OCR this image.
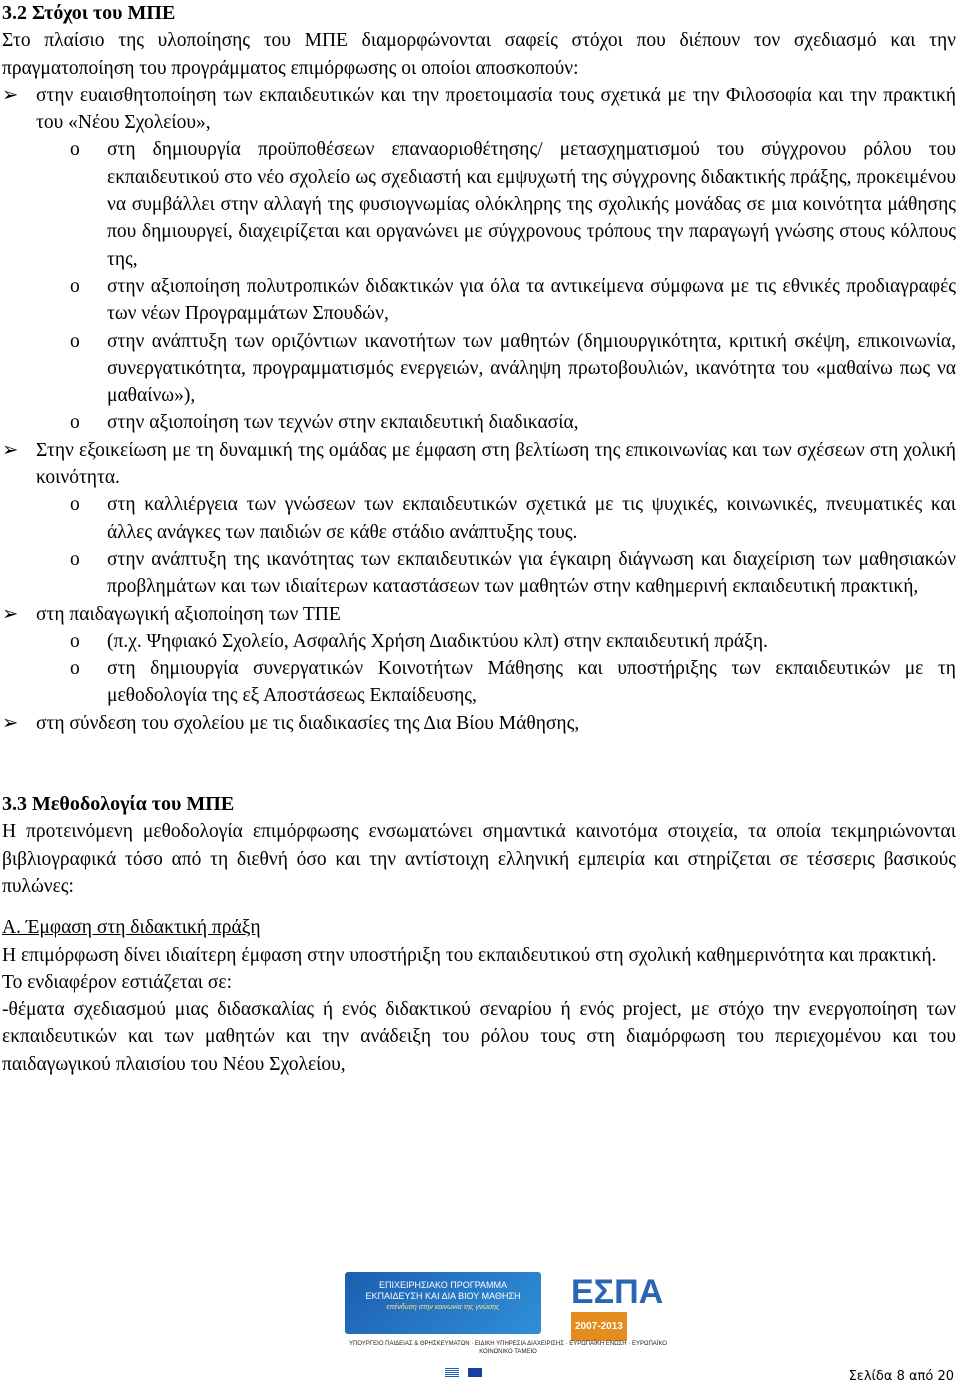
3.2 Στόχοι του ΜΠΕ
Στο πλαίσιο της υλοποίησης του ΜΠΕ διαμορφώνονται σαφείς στόχοι που διέπουν τον σχεδιασμό και την πραγματοποίηση του προγράμματος επιμόρφωσης οι οποίοι αποσκοπούν:
➢ στην ευαισθητοποίηση των εκπαιδευτικών και την προετοιμασία τους σχετικά με την Φιλοσοφία και την πρακτική του «Νέου Σχολείου»,
o στη δημιουργία προϋποθέσεων επαναοριοθέτησης/ μετασχηματισμού του σύγχρονου ρόλου του εκπαιδευτικού στο νέο σχολείο ως σχεδιαστή και εμψυχωτή της σύγχρονης διδακτικής πράξης, προκειμένου να συμβάλλει στην αλλαγή της φυσιογνωμίας ολόκληρης της σχολικής μονάδας σε μια κοινότητα μάθησης που δημιουργεί, διαχειρίζεται και οργανώνει με σύγχρονους τρόπους την παραγωγή γνώσης στους κόλπους της,
o στην αξιοποίηση πολυτροπικών διδακτικών για όλα τα αντικείμενα σύμφωνα με τις εθνικές προδιαγραφές των νέων Προγραμμάτων Σπουδών,
o στην ανάπτυξη των οριζόντιων ικανοτήτων των μαθητών (δημιουργικότητα, κριτική σκέψη, επικοινωνία, συνεργατικότητα, προγραμματισμός ενεργειών, ανάληψη πρωτοβουλιών, ικανότητα του «μαθαίνω πως να μαθαίνω»),
o στην αξιοποίηση των τεχνών στην εκπαιδευτική διαδικασία,
➢ Στην εξοικείωση με τη δυναμική της ομάδας με έμφαση στη βελτίωση της επικοινωνίας και των σχέσεων στη χολική κοινότητα.
o στη καλλιέργεια των γνώσεων των εκπαιδευτικών σχετικά με τις ψυχικές, κοινωνικές, πνευματικές και άλλες ανάγκες των παιδιών σε κάθε στάδιο ανάπτυξης τους.
o στην ανάπτυξη της ικανότητας των εκπαιδευτικών για έγκαιρη διάγνωση και διαχείριση των μαθησιακών προβλημάτων και των ιδιαίτερων καταστάσεων των μαθητών στην καθημερινή εκπαιδευτική πρακτική,
➢ στη παιδαγωγική αξιοποίηση των ΤΠΕ
o (π.χ. Ψηφιακό Σχολείο, Ασφαλής Χρήση Διαδικτύου κλπ) στην εκπαιδευτική πράξη.
o στη δημιουργία συνεργατικών Κοινοτήτων Μάθησης και υποστήριξης των εκπαιδευτικών με τη μεθοδολογία της εξ Αποστάσεως Εκπαίδευσης,
➢ στη σύνδεση του σχολείου με τις διαδικασίες της Δια Βίου Μάθησης,
3.3 Μεθοδολογία του ΜΠΕ
Η προτεινόμενη μεθοδολογία επιμόρφωσης ενσωματώνει σημαντικά καινοτόμα στοιχεία, τα οποία τεκμηριώνονται βιβλιογραφικά τόσο από τη διεθνή όσο και την αντίστοιχη ελληνική εμπειρία και στηρίζεται σε τέσσερις βασικούς πυλώνες:
Α. Έμφαση στη διδακτική πράξη
Η επιμόρφωση δίνει ιδιαίτερη έμφαση στην υποστήριξη του εκπαιδευτικού στη σχολική καθημερινότητα και πρακτική.
Το ενδιαφέρον εστιάζεται σε:
-θέματα σχεδιασμού μιας διδασκαλίας ή ενός διδακτικού σεναρίου ή ενός project, με στόχο την ενεργοποίηση των εκπαιδευτικών και των μαθητών και την ανάδειξη του ρόλου τους στη διαμόρφωση του περιεχομένου και του παιδαγωγικού πλαισίου του Νέου Σχολείου,
ΕΠΙΧΕΙΡΗΣΙΑΚΟ ΠΡΟΓΡΑΜΜΑ
ΕΚΠΑΙΔΕΥΣΗ ΚΑΙ ΔΙΑ ΒΙΟΥ ΜΑΘΗΣΗ
επένδυση στην κοινωνία της γνώσης	ΕΣΠΑ
2007-2013
ΥΠΟΥΡΓΕΙΟ ΠΑΙΔΕΙΑΣ & ΘΡΗΣΚΕΥΜΑΤΩΝ · ΕΙΔΙΚΗ ΥΠΗΡΕΣΙΑ ΔΙΑΧΕΙΡΙΣΗΣ · ΕΥΡΩΠΑΪΚΗ ΕΝΩΣΗ · ΕΥΡΩΠΑΪΚΟ ΚΟΙΝΩΝΙΚΟ ΤΑΜΕΙΟ

Σελίδα 8 από 20
